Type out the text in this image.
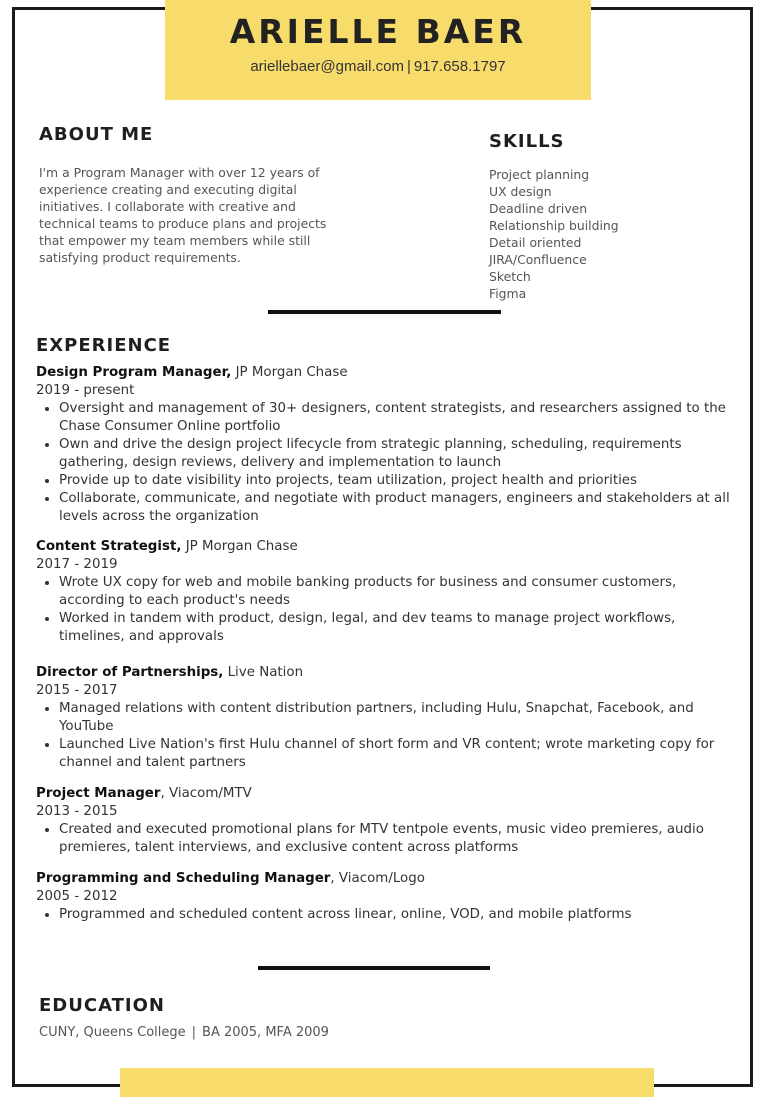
ARIELLE BAER
ariellebaer@gmail.com | 917.658.1797
ABOUT ME

I'm a Program Manager with over 12 years of
experience creating and executing digital
initiatives. I collaborate with creative and
technical teams to produce plans and projects
that empower my team members while still
satisfying product requirements.

SKILLS
Project planning
UX design
Deadline driven
Relationship building
Detail oriented
JIRA/Confluence
Sketch
Figma
EXPERIENCE

Design Program Manager, JP Morgan Chase

2019 - present

• Oversight and management of 30+ designers, content strategists, and researchers assigned to the Chase Consumer Online portfolio
• Own and drive the design project lifecycle from strategic planning, scheduling, requirements gathering, design reviews, delivery and implementation to launch
• Provide up to date visibility into projects, team utilization, project health and priorities
• Collaborate, communicate, and negotiate with product managers, engineers and stakeholders at all levels across the organization

Content Strategist, JP Morgan Chase

2017 - 2019

• Wrote UX copy for web and mobile banking products for business and consumer customers, according to each product's needs
• Worked in tandem with product, design, legal, and dev teams to manage project workflows, timelines, and approvals

Director of Partnerships, Live Nation

2015 - 2017

• Managed relations with content distribution partners, including Hulu, Snapchat, Facebook, and YouTube
• Launched Live Nation's first Hulu channel of short form and VR content; wrote marketing copy for channel and talent partners

Project Manager, Viacom/MTV

2013 - 2015

• Created and executed promotional plans for MTV tentpole events, music video premieres, audio premieres, talent interviews, and exclusive content across platforms

Programming and Scheduling Manager, Viacom/Logo

2005 - 2012

• Programmed and scheduled content across linear, online, VOD, and mobile platforms
EDUCATION

CUNY, Queens College | BA 2005, MFA 2009
